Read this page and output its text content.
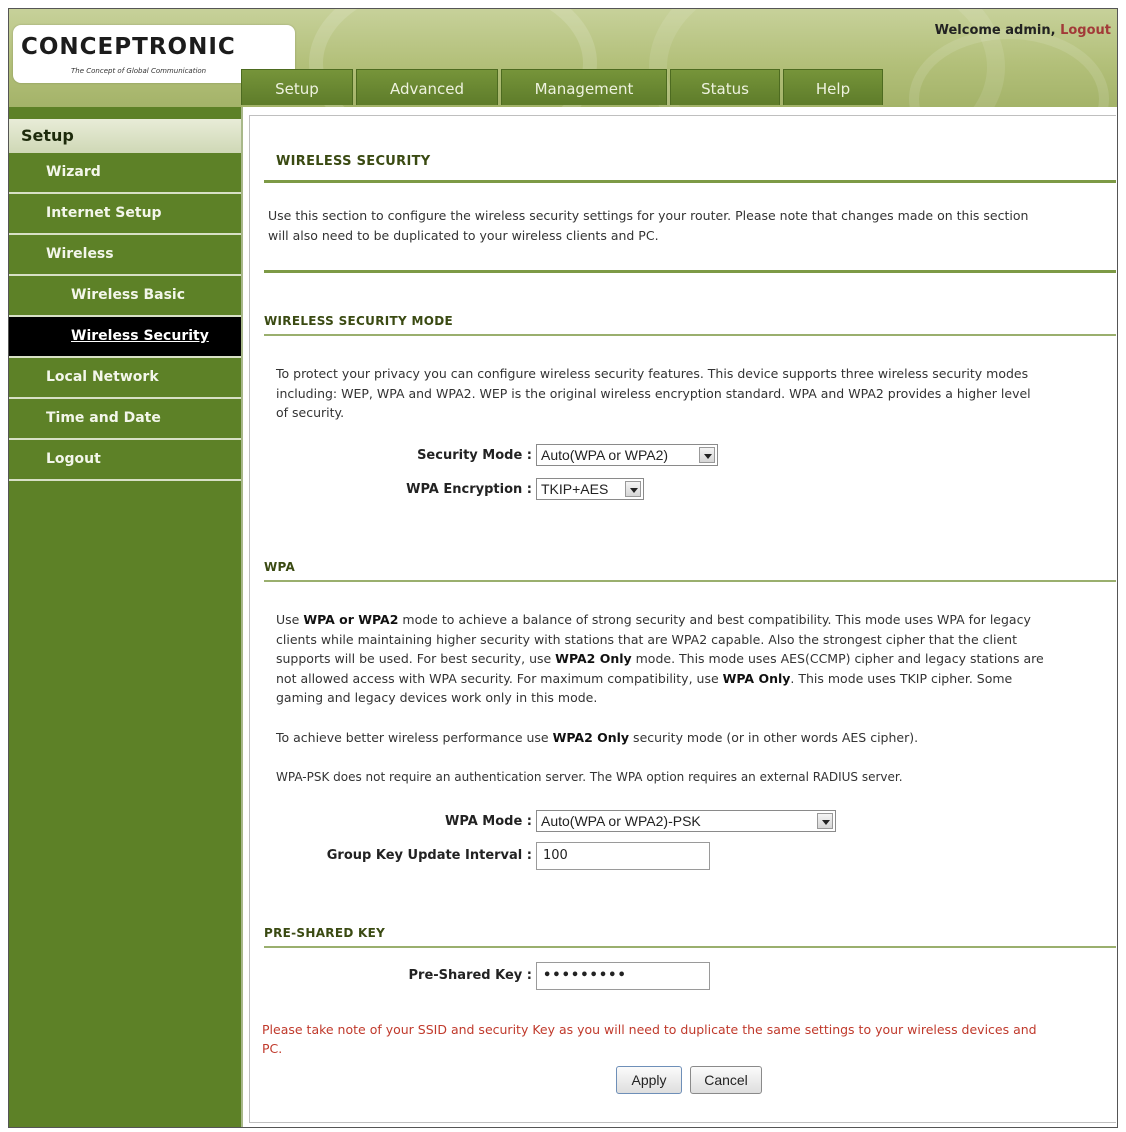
CONCEPTRONIC
The Concept of Global Communication
Welcome admin, Logout
Setup	Advanced	Management	Status	Help
Setup
Wizard
Internet Setup
Wireless
Wireless Basic
Wireless Security
Local Network
Time and Date
Logout
WIRELESS SECURITY
Use this section to configure the wireless security settings for your router. Please note that changes made on this section
will also need to be duplicated to your wireless clients and PC.
WIRELESS SECURITY MODE
To protect your privacy you can configure wireless security features. This device supports three wireless security modes
including: WEP, WPA and WPA2. WEP is the original wireless encryption standard. WPA and WPA2 provides a higher level
of security.
Security Mode : Auto(WPA or WPA2)
WPA Encryption : TKIP+AES
WPA
Use WPA or WPA2 mode to achieve a balance of strong security and best compatibility. This mode uses WPA for legacy
clients while maintaining higher security with stations that are WPA2 capable. Also the strongest cipher that the client
supports will be used. For best security, use WPA2 Only mode. This mode uses AES(CCMP) cipher and legacy stations are
not allowed access with WPA security. For maximum compatibility, use WPA Only. This mode uses TKIP cipher. Some
gaming and legacy devices work only in this mode.
To achieve better wireless performance use WPA2 Only security mode (or in other words AES cipher).
WPA-PSK does not require an authentication server. The WPA option requires an external RADIUS server.
WPA Mode : Auto(WPA or WPA2)-PSK
Group Key Update Interval : 100
PRE-SHARED KEY
Pre-Shared Key : •••••••••
Please take note of your SSID and security Key as you will need to duplicate the same settings to your wireless devices and
PC.
Apply	Cancel
